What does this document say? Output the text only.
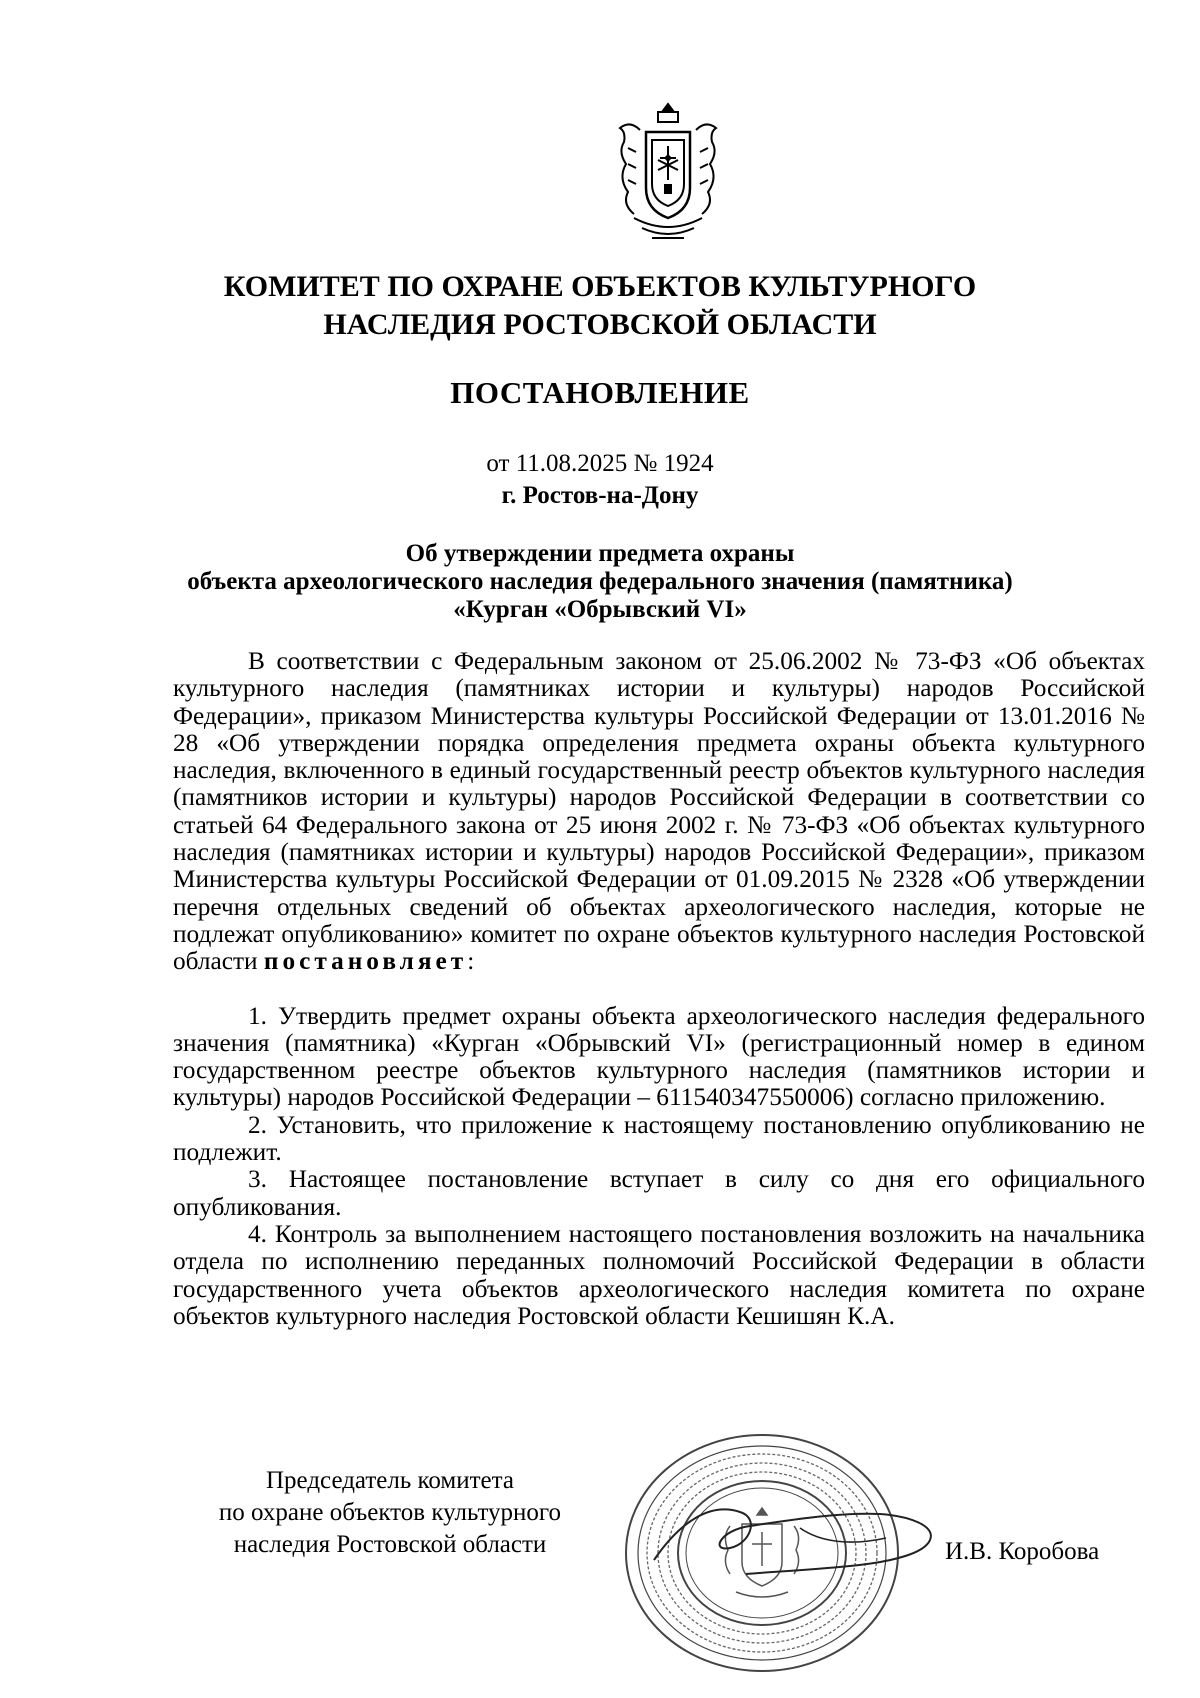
КОМИТЕТ ПО ОХРАНЕ ОБЪЕКТОВ КУЛЬТУРНОГО
НАСЛЕДИЯ РОСТОВСКОЙ ОБЛАСТИ
ПОСТАНОВЛЕНИЕ
от 11.08.2025 № 1924
г. Ростов-на-Дону
Об утверждении предмета охраны
объекта археологического наследия федерального значения (памятника)
«Курган «Обрывский VI»

В соответствии с Федеральным законом от 25.06.2002 № 73-ФЗ «Об объектах культурного наследия (памятниках истории и культуры) народов Российской Федерации», приказом Министерства культуры Российской Федерации от 13.01.2016 № 28 «Об утверждении порядка определения предмета охраны объекта культурного наследия, включенного в единый государственный реестр объектов культурного наследия (памятников истории и культуры) народов Российской Федерации в соответствии со статьей 64 Федерального закона от 25 июня 2002 г. № 73-ФЗ «Об объектах культурного наследия (памятниках истории и культуры) народов Российской Федерации», приказом Министерства культуры Российской Федерации от 01.09.2015 № 2328 «Об утверждении перечня отдельных сведений об объектах археологического наследия, которые не подлежат опубликованию» комитет по охране объектов культурного наследия Ростовской области постановляет:

1. Утвердить предмет охраны объекта археологического наследия федерального значения (памятника) «Курган «Обрывский VI» (регистрационный номер в едином государственном реестре объектов культурного наследия (памятников истории и культуры) народов Российской Федерации – 611540347550006) согласно приложению.

2. Установить, что приложение к настоящему постановлению опубликованию не подлежит.

3. Настоящее постановление вступает в силу со дня его официального опубликования.

4. Контроль за выполнением настоящего постановления возложить на начальника отдела по исполнению переданных полномочий Российской Федерации в области государственного учета объектов археологического наследия комитета по охране объектов культурного наследия Ростовской области Кешишян К.А.

Председатель комитета
по охране объектов культурного
наследия Ростовской области	И.В. Коробова
